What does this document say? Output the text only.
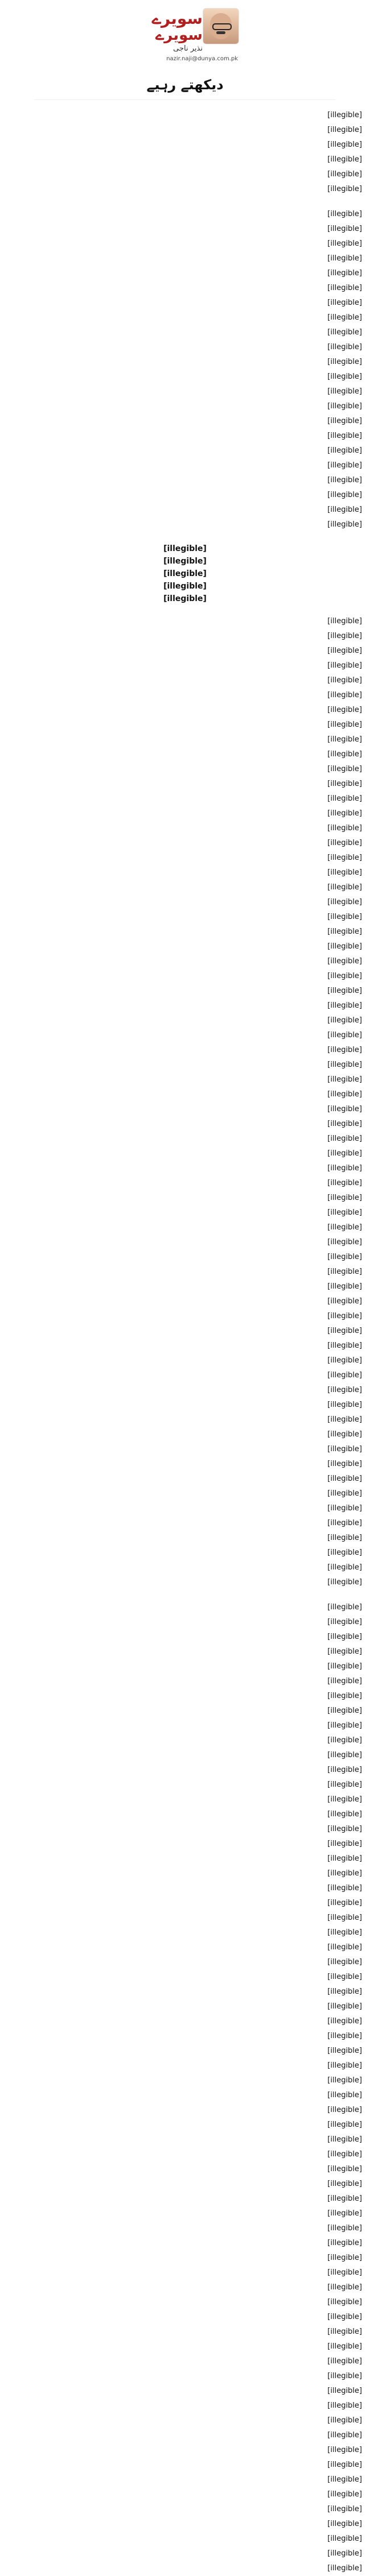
سویرے
سویرے
نذیر ناجی
nazir.naji@dunya.com.pk
دیکھتے رہیے
[illegible]
[illegible]
[illegible]
[illegible]
[illegible]
[illegible]
[illegible]
[illegible]
[illegible]
[illegible]
[illegible]
[illegible]
[illegible]
[illegible]
[illegible]
[illegible]
[illegible]
[illegible]
[illegible]
[illegible]
[illegible]
[illegible]
[illegible]
[illegible]
[illegible]
[illegible]
[illegible]
[illegible]
[illegible]
[illegible]
[illegible]
[illegible]
[illegible]
[illegible]
[illegible]
[illegible]
[illegible]
[illegible]
[illegible]
[illegible]
[illegible]
[illegible]
[illegible]
[illegible]
[illegible]
[illegible]
[illegible]
[illegible]
[illegible]
[illegible]
[illegible]
[illegible]
[illegible]
[illegible]
[illegible]
[illegible]
[illegible]
[illegible]
[illegible]
[illegible]
[illegible]
[illegible]
[illegible]
[illegible]
[illegible]
[illegible]
[illegible]
[illegible]
[illegible]
[illegible]
[illegible]
[illegible]
[illegible]
[illegible]
[illegible]
[illegible]
[illegible]
[illegible]
[illegible]
[illegible]
[illegible]
[illegible]
[illegible]
[illegible]
[illegible]
[illegible]
[illegible]
[illegible]
[illegible]
[illegible]
[illegible]
[illegible]
[illegible]
[illegible]
[illegible]
[illegible]
[illegible]
[illegible]
[illegible]
[illegible]
[illegible]
[illegible]
[illegible]
[illegible]
[illegible]
[illegible]
[illegible]
[illegible]
[illegible]
[illegible]
[illegible]
[illegible]
[illegible]
[illegible]
[illegible]
[illegible]
[illegible]
[illegible]
[illegible]
[illegible]
[illegible]
[illegible]
[illegible]
[illegible]
[illegible]
[illegible]
[illegible]
[illegible]
[illegible]
[illegible]
[illegible]
[illegible]
[illegible]
[illegible]
[illegible]
[illegible]
[illegible]
[illegible]
[illegible]
[illegible]
[illegible]
[illegible]
[illegible]
[illegible]
[illegible]
[illegible]
[illegible]
[illegible]
[illegible]
[illegible]
[illegible]
[illegible]
[illegible]
[illegible]
[illegible]
[illegible]
[illegible]
[illegible]
[illegible]
[illegible]
[illegible]
[illegible]
[illegible]
[illegible]
[illegible]
